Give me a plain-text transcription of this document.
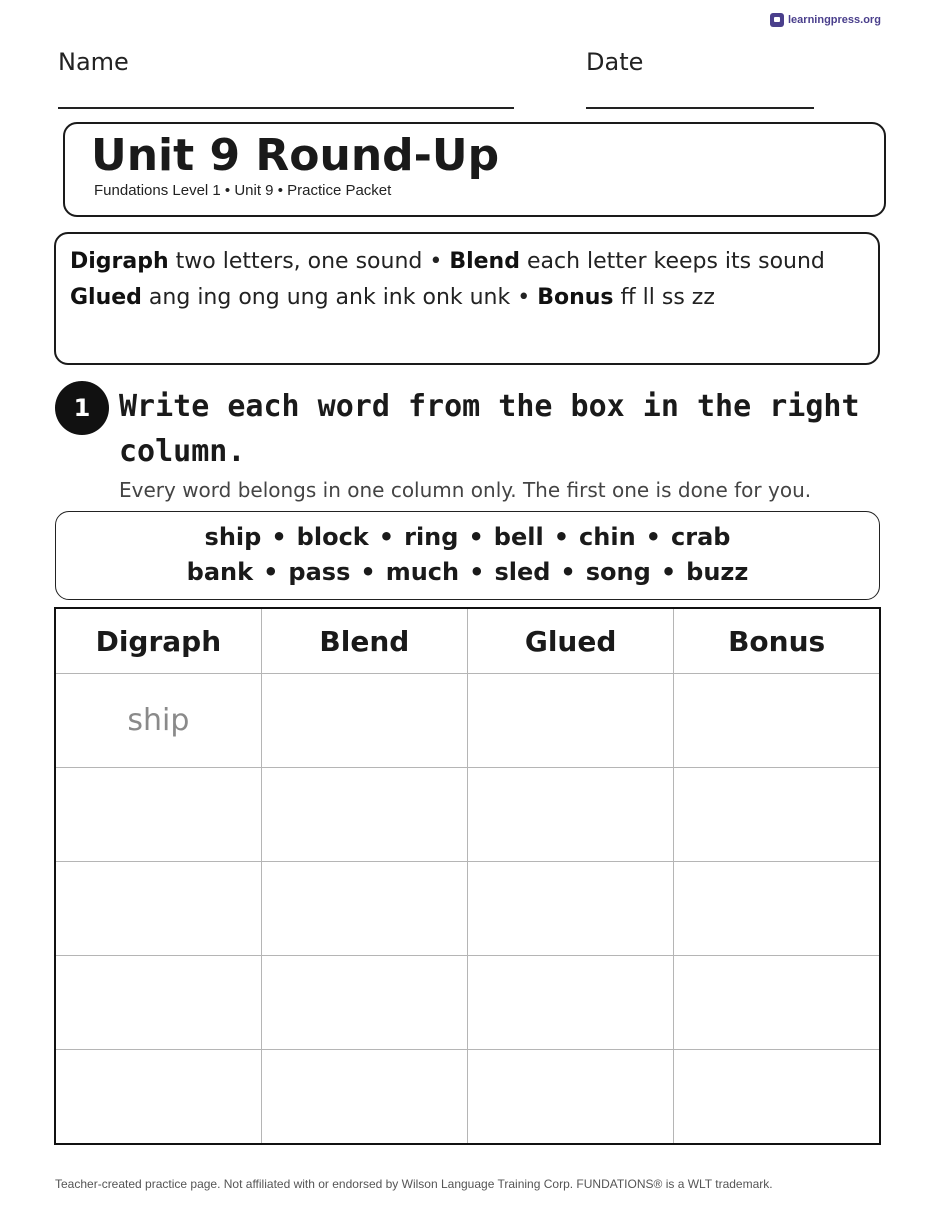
learningpress.org
Name	Date
Unit 9 Round-Up
Fundations Level 1 • Unit 9 • Practice Packet
Digraph two letters, one sound • Blend each letter keeps its sound
Glued ang ing ong ung ank ink onk unk • Bonus ff ll ss zz
1 Write each word from the box in the right column.
Every word belongs in one column only. The first one is done for you.
ship • block • ring • bell • chin • crab
bank • pass • much • sled • song • buzz
Digraph	Blend	Glued	Bonus
ship			

Teacher-created practice page. Not affiliated with or endorsed by Wilson Language Training Corp. FUNDATIONS® is a WLT trademark.
